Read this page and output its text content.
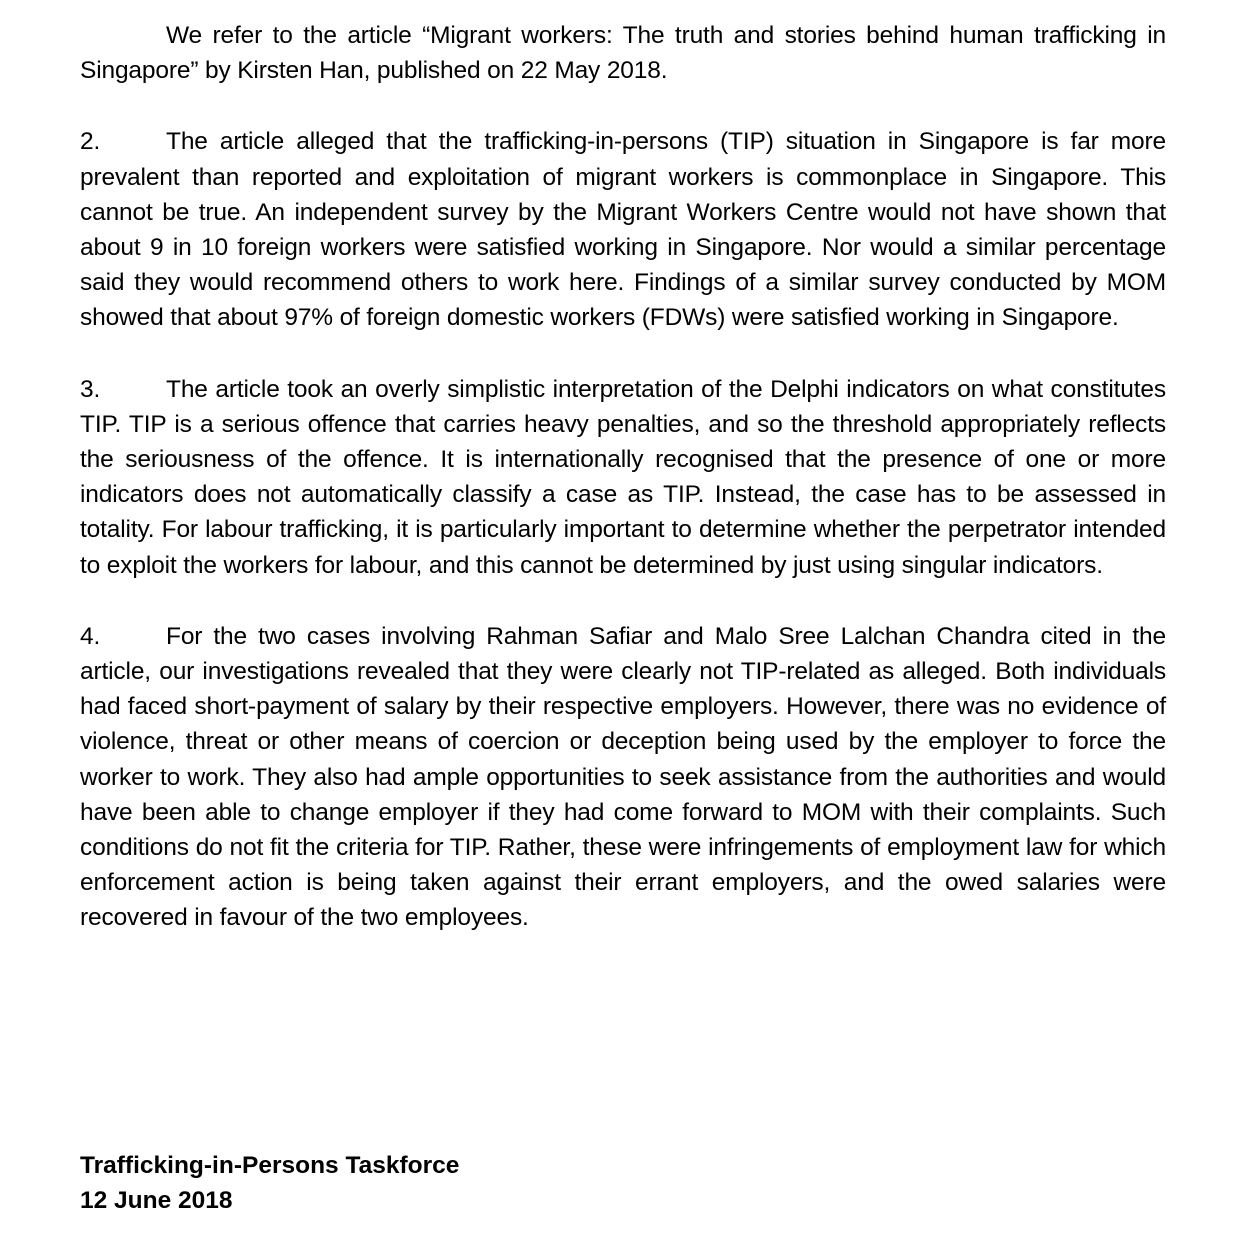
We refer to the article “Migrant workers: The truth and stories behind human trafficking in Singapore” by Kirsten Han, published on 22 May 2018.

2.	The article alleged that the trafficking-in-persons (TIP) situation in Singapore is far more prevalent than reported and exploitation of migrant workers is commonplace in Singapore. This cannot be true. An independent survey by the Migrant Workers Centre would not have shown that about 9 in 10 foreign workers were satisfied working in Singapore. Nor would a similar percentage said they would recommend others to work here. Findings of a similar survey conducted by MOM showed that about 97% of foreign domestic workers (FDWs) were satisfied working in Singapore.

3.	The article took an overly simplistic interpretation of the Delphi indicators on what constitutes TIP. TIP is a serious offence that carries heavy penalties, and so the threshold appropriately reflects the seriousness of the offence. It is internationally recognised that the presence of one or more indicators does not automatically classify a case as TIP. Instead, the case has to be assessed in totality. For labour trafficking, it is particularly important to determine whether the perpetrator intended to exploit the workers for labour, and this cannot be determined by just using singular indicators.

4.	For the two cases involving Rahman Safiar and Malo Sree Lalchan Chandra cited in the article, our investigations revealed that they were clearly not TIP-related as alleged. Both individuals had faced short-payment of salary by their respective employers. However, there was no evidence of violence, threat or other means of coercion or deception being used by the employer to force the worker to work. They also had ample opportunities to seek assistance from the authorities and would have been able to change employer if they had come forward to MOM with their complaints. Such conditions do not fit the criteria for TIP. Rather, these were infringements of employment law for which enforcement action is being taken against their errant employers, and the owed salaries were recovered in favour of the two employees.

Trafficking-in-Persons Taskforce
12 June 2018
